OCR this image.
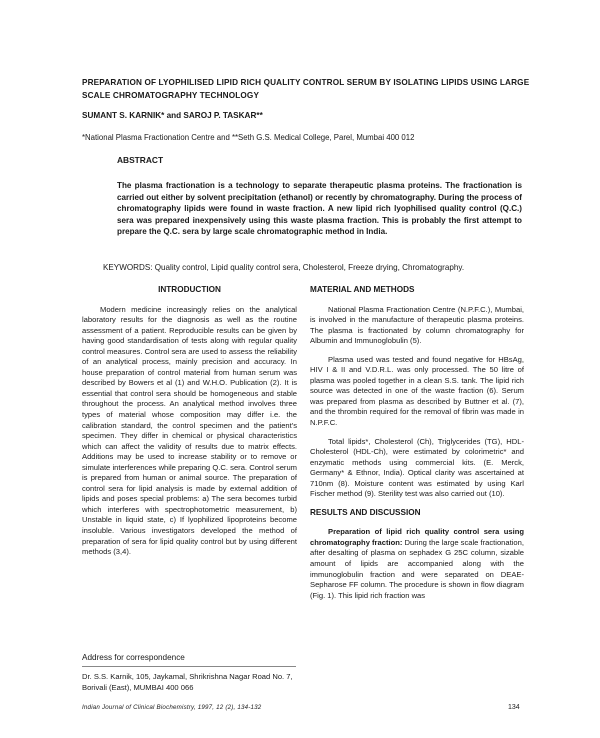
PREPARATION OF LYOPHILISED LIPID RICH QUALITY CONTROL SERUM BY ISOLATING LIPIDS USING LARGE SCALE CHROMATOGRAPHY TECHNOLOGY
SUMANT S. KARNIK* and SAROJ P. TASKAR**
*National Plasma Fractionation Centre and **Seth G.S. Medical College, Parel, Mumbai 400 012
ABSTRACT
The plasma fractionation is a technology to separate therapeutic plasma proteins. The fractionation is carried out either by solvent precipitation (ethanol) or recently by chromatography. During the process of chromatography lipids were found in waste fraction. A new lipid rich lyophilised quality control (Q.C.) sera was prepared inexpensively using this waste plasma fraction. This is probably the first attempt to prepare the Q.C. sera by large scale chromatographic method in India.
KEYWORDS: Quality control, Lipid quality control sera, Cholesterol, Freeze drying, Chromatography.
INTRODUCTION

Modern medicine increasingly relies on the analytical laboratory results for the diagnosis as well as the routine assessment of a patient. Reproducible results can be given by having good standardisation of tests along with regular quality control measures. Control sera are used to assess the reliability of an analytical process, mainly precision and accuracy. In house preparation of control material from human serum was described by Bowers et al (1) and W.H.O. Publication (2). It is essential that control sera should be homogeneous and stable throughout the process. An analytical method involves three types of material whose composition may differ i.e. the calibration standard, the control specimen and the patient's specimen. They differ in chemical or physical characteristics which can affect the validity of results due to matrix effects. Additions may be used to increase stability or to remove or simulate interferences while preparing Q.C. sera. Control serum is prepared from human or animal source. The preparation of control sera for lipid analysis is made by external addition of lipids and poses special problems: a) The sera becomes turbid which interferes with spectrophotometric measurement, b) Unstable in liquid state, c) If lyophilized lipoproteins become insoluble. Various investigators developed the method of preparation of sera for lipid quality control but by using different methods (3,4).

Address for correspondence
Dr. S.S. Karnik, 105, Jaykamal, Shrikrishna Nagar Road No. 7, Borivali (East), MUMBAI 400 066
MATERIAL AND METHODS

National Plasma Fractionation Centre (N.P.F.C.), Mumbai, is involved in the manufacture of therapeutic plasma proteins. The plasma is fractionated by column chromatography for Albumin and Immunoglobulin (5).

Plasma used was tested and found negative for HBsAg, HIV I & II and V.D.R.L. was only processed. The 50 litre of plasma was pooled together in a clean S.S. tank. The lipid rich source was detected in one of the waste fraction (6). Serum was prepared from plasma as described by Buttner et al. (7), and the thrombin required for the removal of fibrin was made in N.P.F.C.

Total lipids*, Cholesterol (Ch), Triglycerides (TG), HDL-Cholesterol (HDL-Ch), were estimated by colorimetric* and enzymatic methods using commercial kits. (E. Merck, Germany* & Ethnor, India). Optical clarity was ascertained at 710nm (8). Moisture content was estimated by using Karl Fischer method (9). Sterility test was also carried out (10).

RESULTS AND DISCUSSION

Preparation of lipid rich quality control sera using chromatography fraction: During the large scale fractionation, after desalting of plasma on sephadex G 25C column, sizable amount of lipids are accompanied along with the immunoglobulin fraction and were separated on DEAE-Sepharose FF column. The procedure is shown in flow diagram (Fig. 1). This lipid rich fraction was

Indian Journal of Clinical Biochemistry, 1997, 12 (2), 134-132	134
